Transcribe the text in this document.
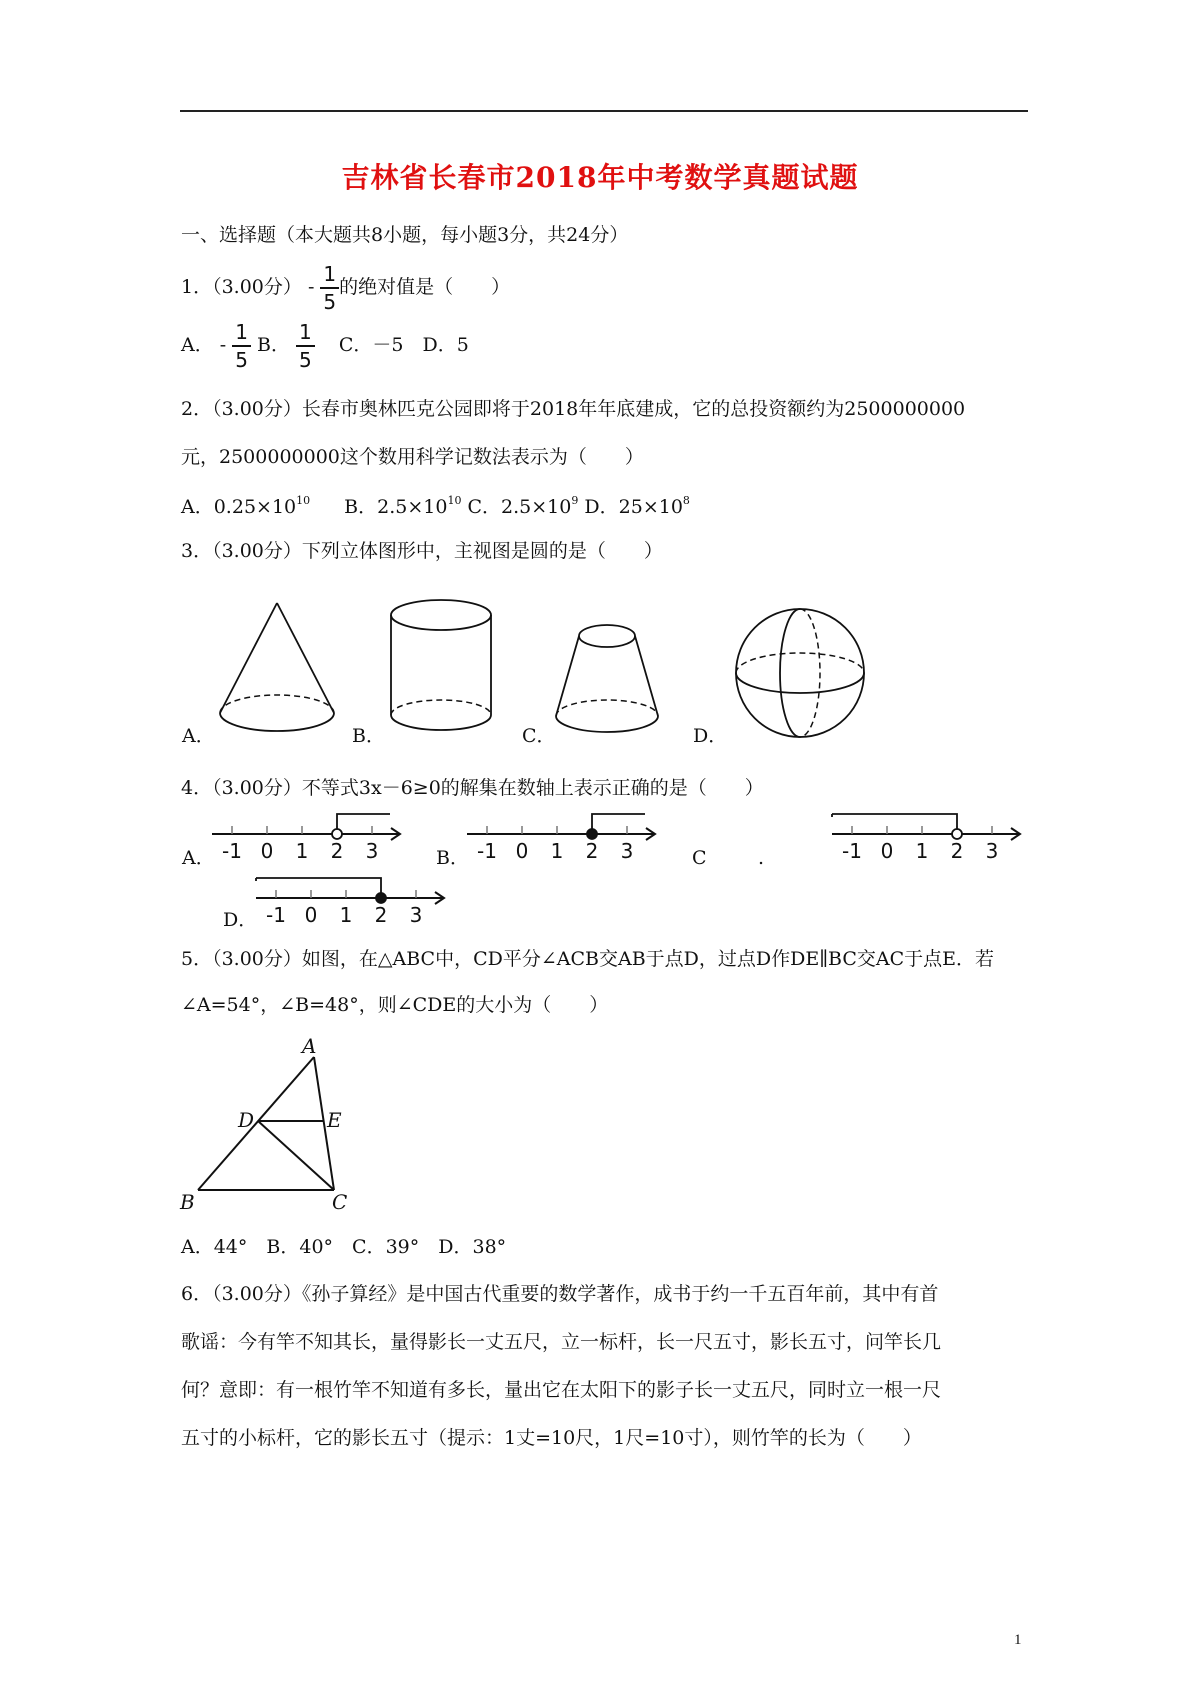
吉林省长春市2018年中考数学真题试题
一、选择题（本大题共8小题，每小题3分，共24分）
1．（3.00分） - $\frac{1}{5}$ 的绝对值是（　　）
A． - $\frac{1}{5}$ B． $\frac{1}{5}$ C．－5　D．5
2．（3.00分）长春市奥林匹克公园即将于2018年年底建成，它的总投资额约为2500000000
元，2500000000这个数用科学记数法表示为（　　）
A．$0.25\times 10^{10}$ B．$2.5\times 10^{10}$ C．$2.5\times 10^9$ D．$25\times 10^8$
3．（3.00分）下列立体图形中，主视图是圆的是（　　）
A．	B．	C．	D．
4．（3.00分）不等式3x－6≥0的解集在数轴上表示正确的是（　　）
A．	B．	C	.
D．
-1 0 1 2 3	-1 0 1 2 3	-1 0 1 2 3
-1 0 1 2 3
5．（3.00分）如图，在△ABC中，CD平分∠ACB交AB于点D，过点D作DE∥BC交AC于点E．若
∠A=54°，∠B=48°，则∠CDE的大小为（　　）
A
B	C
D	E
A．44°　B．40°　C．39°　D．38°
6．（3.00分）《孙子算经》是中国古代重要的数学著作，成书于约一千五百年前，其中有首
歌谣：今有竿不知其长，量得影长一丈五尺，立一标杆，长一尺五寸，影长五寸，问竿长几
何？意即：有一根竹竿不知道有多长，量出它在太阳下的影子长一丈五尺，同时立一根一尺
五寸的小标杆，它的影长五寸（提示：1丈=10尺，1尺=10寸），则竹竿的长为（　　）
1
